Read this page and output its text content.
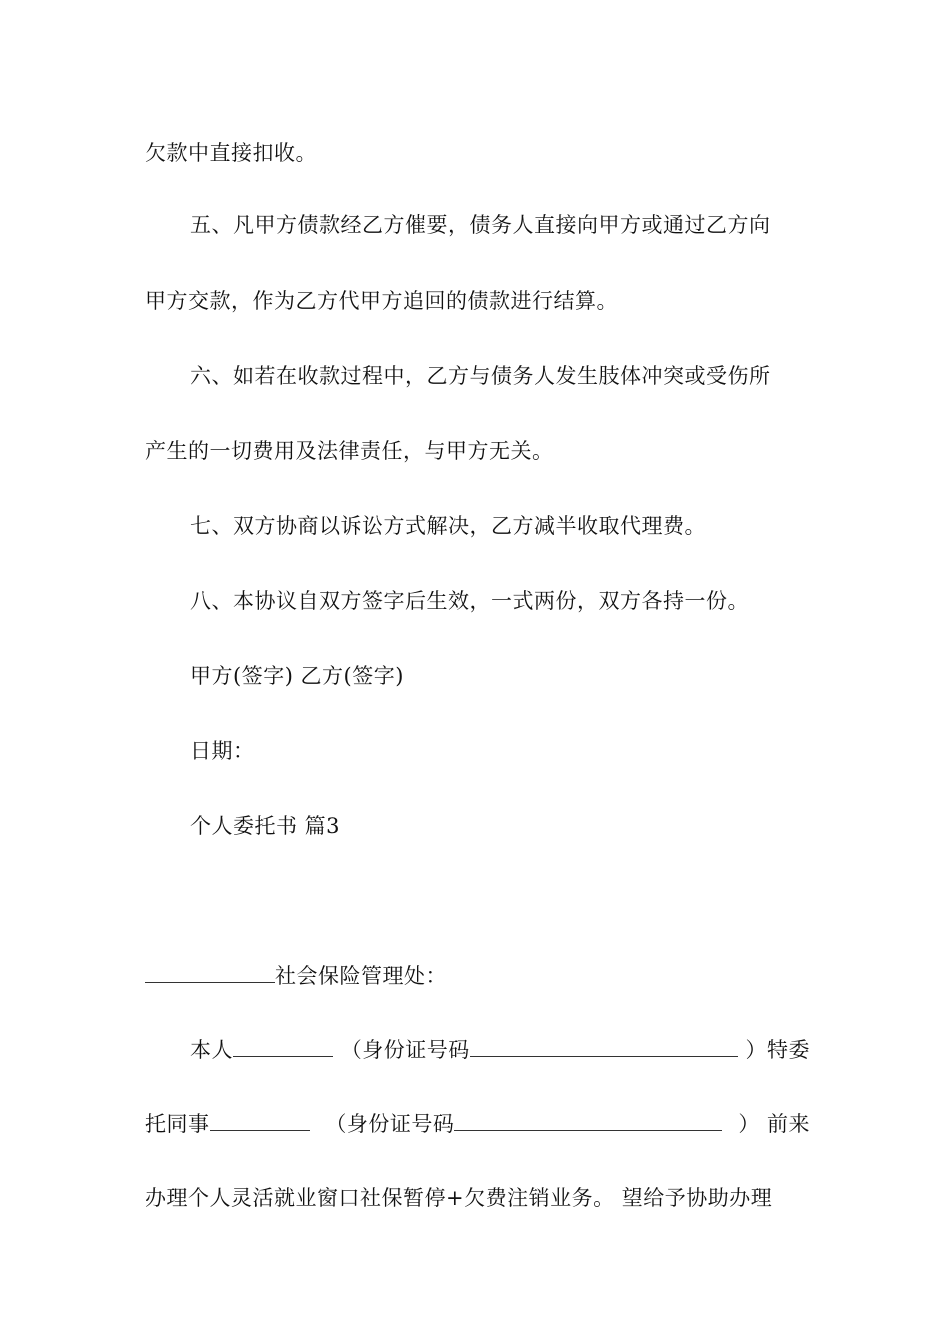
欠款中直接扣收。
五、凡甲方债款经乙方催要，债务人直接向甲方或通过乙方向
甲方交款，作为乙方代甲方追回的债款进行结算。
六、如若在收款过程中，乙方与债务人发生肢体冲突或受伤所
产生的一切费用及法律责任，与甲方无关。
七、双方协商以诉讼方式解决，乙方减半收取代理费。
八、本协议自双方签字后生效，一式两份，双方各持一份。
甲方(签字) 乙方(签字)
日期：
个人委托书 篇3
社会保险管理处：
本人	（身份证号码	）特委
托同事	（身份证号码	） 前来
办理个人灵活就业窗口社保暂停+欠费注销业务。 望给予协助办理
